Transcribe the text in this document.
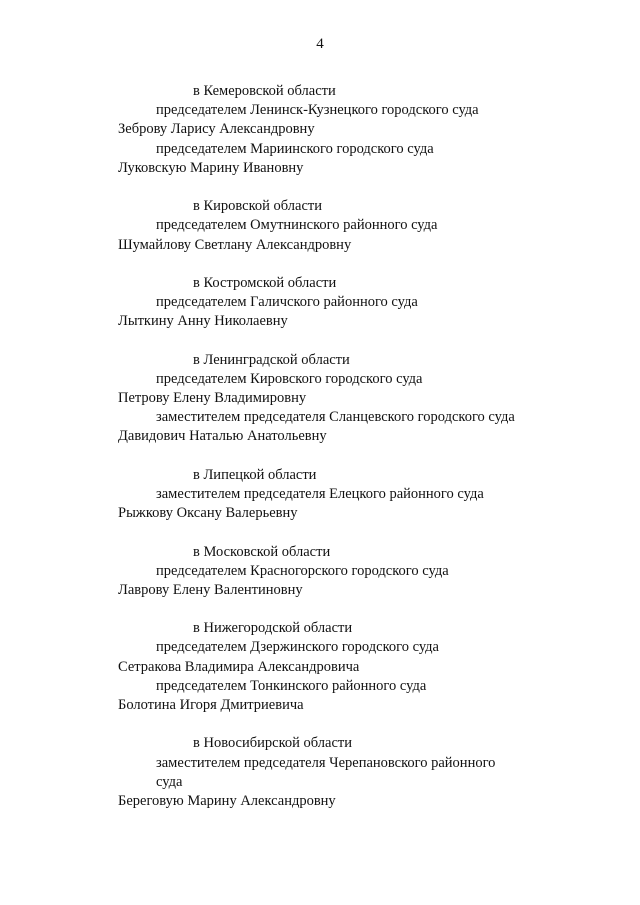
4
в Кемеровской области
председателем Ленинск-Кузнецкого городского суда
Зеброву Ларису Александровну
председателем Мариинского городского суда
Луковскую Марину Ивановну
в Кировской области
председателем Омутнинского районного суда
Шумайлову Светлану Александровну
в Костромской области
председателем Галичского районного суда
Лыткину Анну Николаевну
в Ленинградской области
председателем Кировского городского суда
Петрову Елену Владимировну
заместителем председателя Сланцевского городского суда
Давидович Наталью Анатольевну
в Липецкой области
заместителем председателя Елецкого районного суда
Рыжкову Оксану Валерьевну
в Московской области
председателем Красногорского городского суда
Лаврову Елену Валентиновну
в Нижегородской области
председателем Дзержинского городского суда
Сетракова Владимира Александровича
председателем Тонкинского районного суда
Болотина Игоря Дмитриевича
в Новосибирской области
заместителем председателя Черепановского районного
суда
Береговую Марину Александровну
